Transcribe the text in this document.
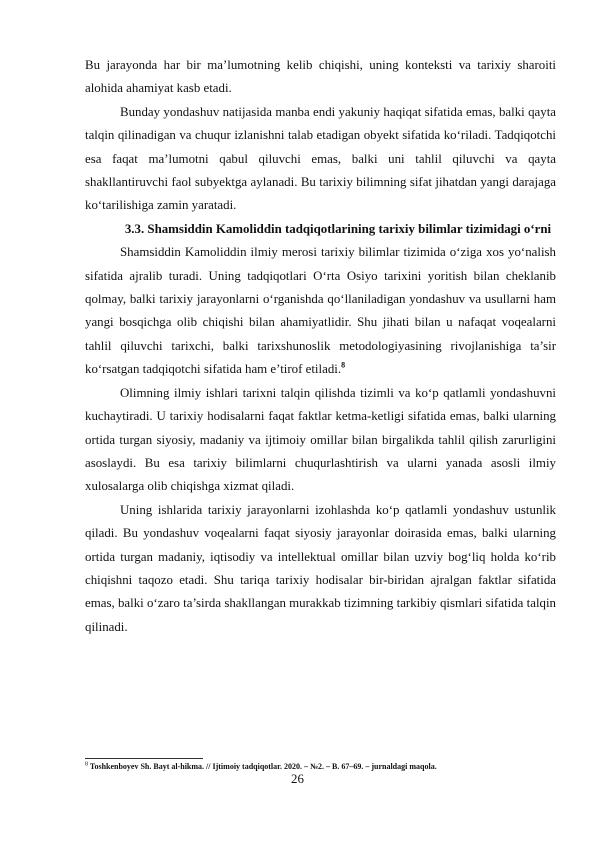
Bu jarayonda har bir ma’lumotning kelib chiqishi, uning konteksti va tarixiy sharoiti alohida ahamiyat kasb etadi.

Bunday yondashuv natijasida manba endi yakuniy haqiqat sifatida emas, balki qayta talqin qilinadigan va chuqur izlanishni talab etadigan obyekt sifatida ko‘riladi. Tadqiqotchi esa faqat ma’lumotni qabul qiluvchi emas, balki uni tahlil qiluvchi va qayta shakllantiruvchi faol subyektga aylanadi. Bu tarixiy bilimning sifat jihatdan yangi darajaga ko‘tarilishiga zamin yaratadi.

3.3. Shamsiddin Kamoliddin tadqiqotlarining tarixiy bilimlar tizimidagi o‘rni

Shamsiddin Kamoliddin ilmiy merosi tarixiy bilimlar tizimida o‘ziga xos yo‘nalish sifatida ajralib turadi. Uning tadqiqotlari O‘rta Osiyo tarixini yoritish bilan cheklanib qolmay, balki tarixiy jarayonlarni o‘rganishda qo‘llaniladigan yondashuv va usullarni ham yangi bosqichga olib chiqishi bilan ahamiyatlidir. Shu jihati bilan u nafaqat voqealarni tahlil qiluvchi tarixchi, balki tarixshunoslik metodologiyasining rivojlanishiga ta’sir ko‘rsatgan tadqiqotchi sifatida ham e’tirof etiladi.$^8$

Olimning ilmiy ishlari tarixni talqin qilishda tizimli va ko‘p qatlamli yondashuvni kuchaytiradi. U tarixiy hodisalarni faqat faktlar ketma-ketligi sifatida emas, balki ularning ortida turgan siyosiy, madaniy va ijtimoiy omillar bilan birgalikda tahlil qilish zarurligini asoslaydi. Bu esa tarixiy bilimlarni chuqurlashtirish va ularni yanada asosli ilmiy xulosalarga olib chiqishga xizmat qiladi.

Uning ishlarida tarixiy jarayonlarni izohlashda ko‘p qatlamli yondashuv ustunlik qiladi. Bu yondashuv voqealarni faqat siyosiy jarayonlar doirasida emas, balki ularning ortida turgan madaniy, iqtisodiy va intellektual omillar bilan uzviy bog‘liq holda ko‘rib chiqishni taqozo etadi. Shu tariqa tarixiy hodisalar bir-biridan ajralgan faktlar sifatida emas, balki o‘zaro ta’sirda shakllangan murakkab tizimning tarkibiy qismlari sifatida talqin qilinadi.

$^8$ Toshkenboyev Sh. Bayt al-hikma. // Ijtimoiy tadqiqotlar. 2020. – №2. – B. 67–69. – jurnaldagi maqola.
26
